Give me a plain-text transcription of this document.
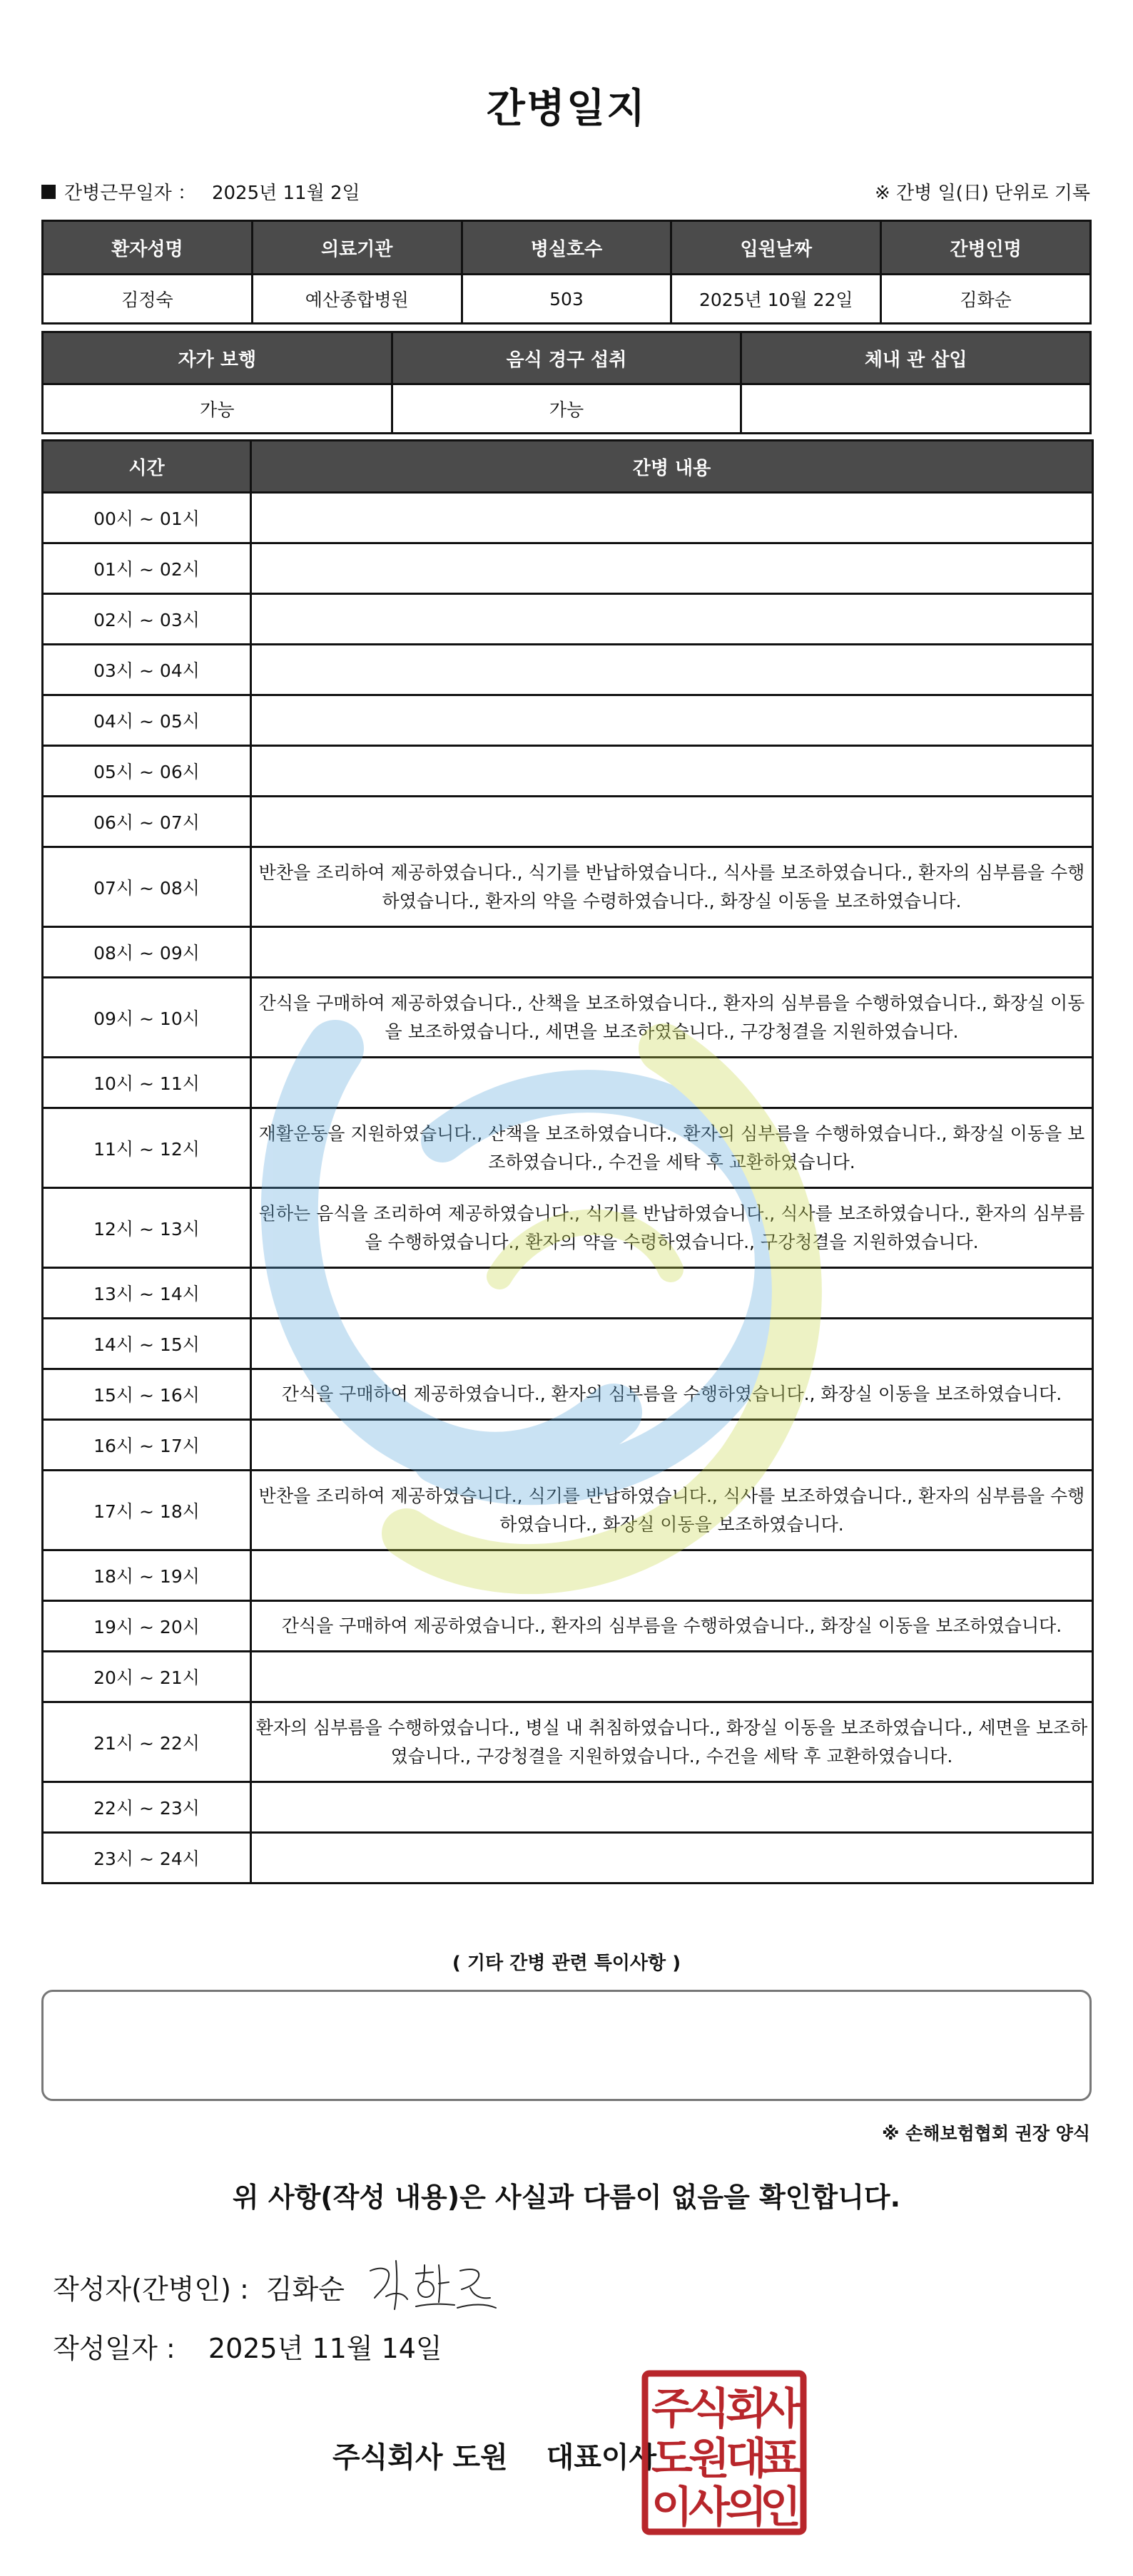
간병일지
간병근무일자 ： 2025년 11월 2일	※ 간병 일(日) 단위로 기록
환자성명	의료기관	병실호수	입원날짜	간병인명
김정숙	예산종합병원	503	2025년 10월 22일	김화순
자가 보행	음식 경구 섭취	체내 관 삽입
가능	가능	
시간	간병 내용
00시 ~ 01시	
01시 ~ 02시	
02시 ~ 03시	
03시 ~ 04시	
04시 ~ 05시	
05시 ~ 06시	
06시 ~ 07시	
07시 ~ 08시	반찬을 조리하여 제공하였습니다., 식기를 반납하였습니다., 식사를 보조하였습니다., 환자의 심부름을 수행하였습니다., 환자의 약을 수령하였습니다., 화장실 이동을 보조하였습니다.
08시 ~ 09시	
09시 ~ 10시	간식을 구매하여 제공하였습니다., 산책을 보조하였습니다., 환자의 심부름을 수행하였습니다., 화장실 이동을 보조하였습니다., 세면을 보조하였습니다., 구강청결을 지원하였습니다.
10시 ~ 11시	
11시 ~ 12시	재활운동을 지원하였습니다., 산책을 보조하였습니다., 환자의 심부름을 수행하였습니다., 화장실 이동을 보조하였습니다., 수건을 세탁 후 교환하였습니다.
12시 ~ 13시	원하는 음식을 조리하여 제공하였습니다., 식기를 반납하였습니다., 식사를 보조하였습니다., 환자의 심부름을 수행하였습니다., 환자의 약을 수령하였습니다., 구강청결을 지원하였습니다.
13시 ~ 14시	
14시 ~ 15시	
15시 ~ 16시	간식을 구매하여 제공하였습니다., 환자의 심부름을 수행하였습니다., 화장실 이동을 보조하였습니다.
16시 ~ 17시	
17시 ~ 18시	반찬을 조리하여 제공하였습니다., 식기를 반납하였습니다., 식사를 보조하였습니다., 환자의 심부름을 수행하였습니다., 화장실 이동을 보조하였습니다.
18시 ~ 19시	
19시 ~ 20시	간식을 구매하여 제공하였습니다., 환자의 심부름을 수행하였습니다., 화장실 이동을 보조하였습니다.
20시 ~ 21시	
21시 ~ 22시	환자의 심부름을 수행하였습니다., 병실 내 취침하였습니다., 화장실 이동을 보조하였습니다., 세면을 보조하였습니다., 구강청결을 지원하였습니다., 수건을 세탁 후 교환하였습니다.
22시 ~ 23시	
23시 ~ 24시	
( 기타 간병 관련 특이사항 )
※ 손해보험협회 권장 양식
위 사항(작성 내용)은 사실과 다름이 없음을 확인합니다.
작성자(간병인) : 김화순
작성일자 : 2025년 11월 14일
주식회사 도원 대표이사
주
식
회
사
도
원
대
표
이
사
의
인
